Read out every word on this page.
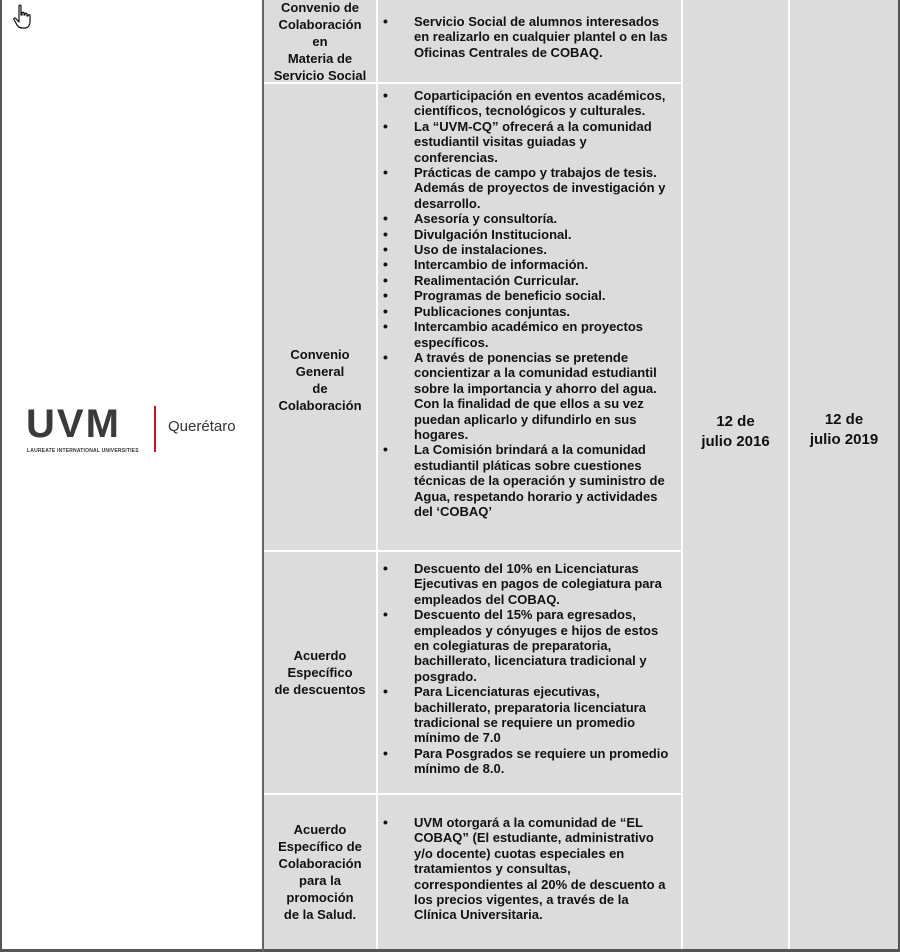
UVM
LAUREATE INTERNATIONAL UNIVERSITIES
Querétaro
Convenio de
Colaboración en
Materia de
Servicio Social
Convenio General
de Colaboración
Acuerdo
Específico
de descuentos
Acuerdo
Específico de
Colaboración
para la
promoción
de la Salud.
• Servicio Social de alumnos interesados en realizarlo en cualquier plantel o en las Oficinas Centrales de COBAQ.
• Coparticipación en eventos académicos, científicos, tecnológicos y culturales.
• La “UVM-CQ” ofrecerá a la comunidad estudiantil visitas guiadas y conferencias.
• Prácticas de campo y trabajos de tesis. Además de proyectos de investigación y desarrollo.
• Asesoría y consultoría.
• Divulgación Institucional.
• Uso de instalaciones.
• Intercambio de información.
• Realimentación Curricular.
• Programas de beneficio social.
• Publicaciones conjuntas.
• Intercambio académico en proyectos específicos.
• A través de ponencias se pretende concientizar a la comunidad estudiantil sobre la importancia y ahorro del agua. Con la finalidad de que ellos a su vez puedan aplicarlo y difundirlo en sus hogares.
• La Comisión brindará a la comunidad estudiantil pláticas sobre cuestiones técnicas de la operación y suministro de Agua, respetando horario y actividades del ‘COBAQ’
• Descuento del 10% en Licenciaturas Ejecutivas en pagos de colegiatura para empleados del COBAQ.
• Descuento del 15% para egresados, empleados y cónyuges e hijos de estos en colegiaturas de preparatoria, bachillerato, licenciatura tradicional y posgrado.
• Para Licenciaturas ejecutivas, bachillerato, preparatoria licenciatura tradicional se requiere un promedio mínimo de 7.0
• Para Posgrados se requiere un promedio mínimo de 8.0.
• UVM otorgará a la comunidad de “EL COBAQ” (El estudiante, administrativo y/o docente) cuotas especiales en tratamientos y consultas, correspondientes al 20% de descuento a los precios vigentes, a través de la Clínica Universitaria.
12 de
julio 2016
12 de
julio 2019
